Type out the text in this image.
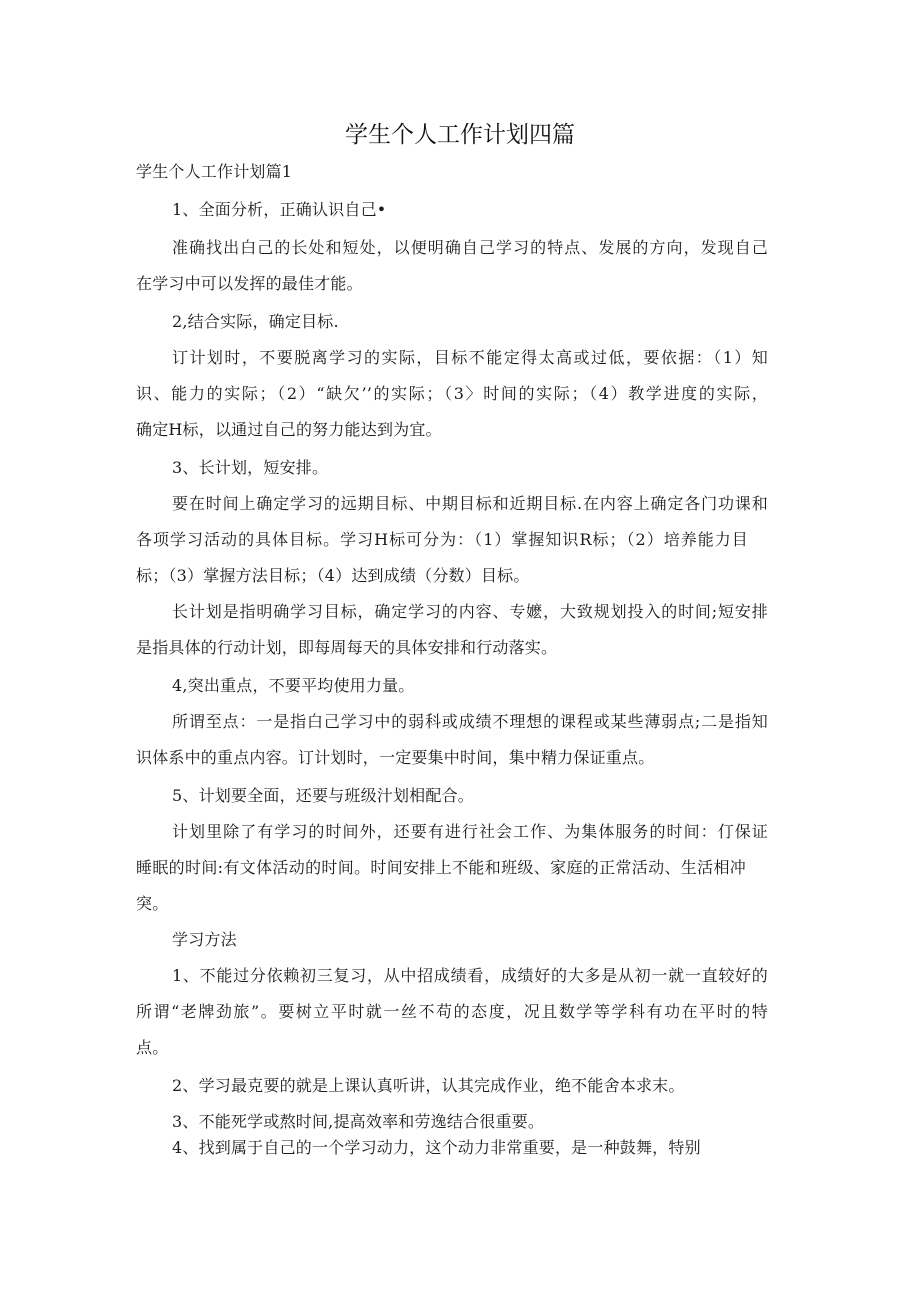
学生个人工作计划四篇
学生个人工作计划篇1
1、全面分析，正确认识自己•
准确找出白己的长处和短处，以便明确自己学习的特点、发展的方向，发现自己
在学习中可以发挥的最佳才能。
2,结合实际，确定目标.
订计划时，不要脱离学习的实际，目标不能定得太高或过低，要依据：（1）知
识、能力的实际；（2）“缺欠’’的实际；（3〉时间的实际；（4）教学进度的实际，
确定H标，以通过自己的努力能达到为宜。
3、长计划，短安排。
要在时间上确定学习的远期目标、中期目标和近期目标.在内容上确定各门功课和
各项学习活动的具体目标。学习H标可分为：（1）掌握知识R标；（2）培养能力目
标；（3）掌握方法目标；（4）达到成绩（分数）目标。
长计划是指明确学习目标，确定学习的内容、专嬷，大致规划投入的时间;短安排
是指具体的行动计划，即每周每天的具体安排和行动落实。
4,突出重点，不要平均使用力量。
所谓至点：一是指白己学习中的弱科或成绩不理想的课程或某些薄弱点;二是指知
识体系中的重点内容。订计划时，一定要集中时间，集中精力保证重点。
5、计划要全面，还要与班级汁划相配合。
计划里除了有学习的时间外，还要有进行社会工作、为集体服务的时间：仃保证
睡眠的时间:有文体活动的时间。时间安排上不能和班级、家庭的正常活动、生活相冲
突。
学习方法
1、不能过分依赖初三复习，从中招成绩看，成绩好的大多是从初一就一直较好的
所谓“老牌劲旅”。要树立平时就一丝不苟的态度，况且数学等学科有功在平时的特
点。
2、学习最克要的就是上课认真听讲，认其完成作业，绝不能舍本求末。
3、不能死学或熬时间,提高效率和劳逸结合很重要。
4、找到属于自己的一个学习动力，这个动力非常重要，是一种鼓舞，特别
